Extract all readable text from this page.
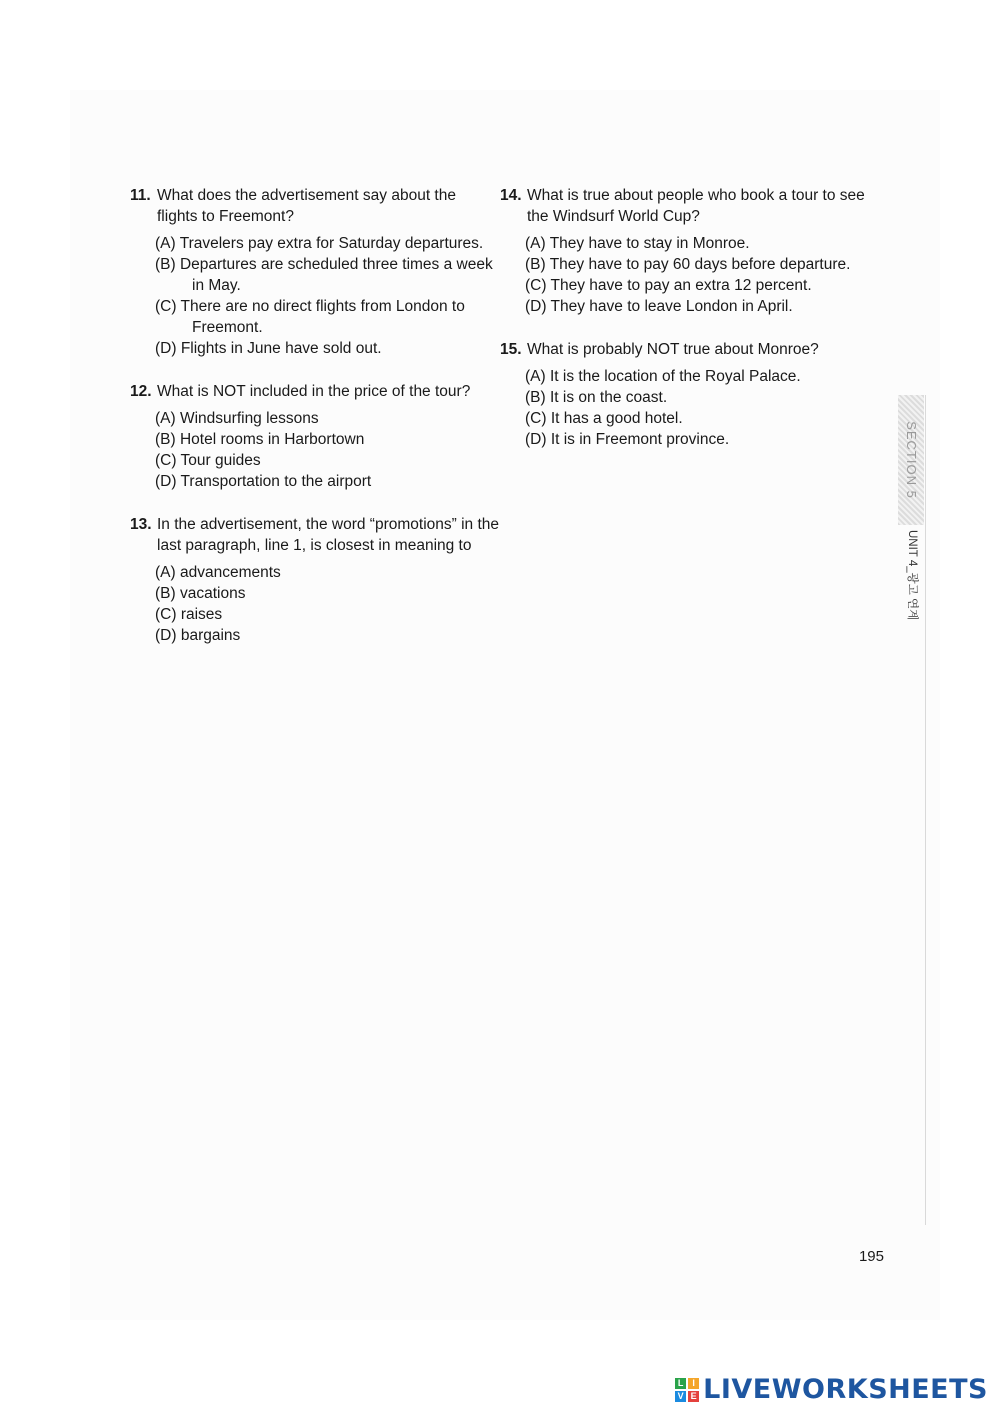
11. What does the advertisement say about the flights to Freemont?
(A) Travelers pay extra for Saturday departures.
(B) Departures are scheduled three times a week in May.
(C) There are no direct flights from London to Freemont.
(D) Flights in June have sold out.
12. What is NOT included in the price of the tour?
(A) Windsurfing lessons
(B) Hotel rooms in Harbortown
(C) Tour guides
(D) Transportation to the airport
13. In the advertisement, the word “promotions” in the last paragraph, line 1, is closest in meaning to
(A) advancements
(B) vacations
(C) raises
(D) bargains
14. What is true about people who book a tour to see the Windsurf World Cup?
(A) They have to stay in Monroe.
(B) They have to pay 60 days before departure.
(C) They have to pay an extra 12 percent.
(D) They have to leave London in April.
15. What is probably NOT true about Monroe?
(A) It is the location of the Royal Palace.
(B) It is on the coast.
(C) It has a good hotel.
(D) It is in Freemont province.	SECTION 5
UNIT 4_광고 연계
195
L I
V E LIVEWORKSHEETS
